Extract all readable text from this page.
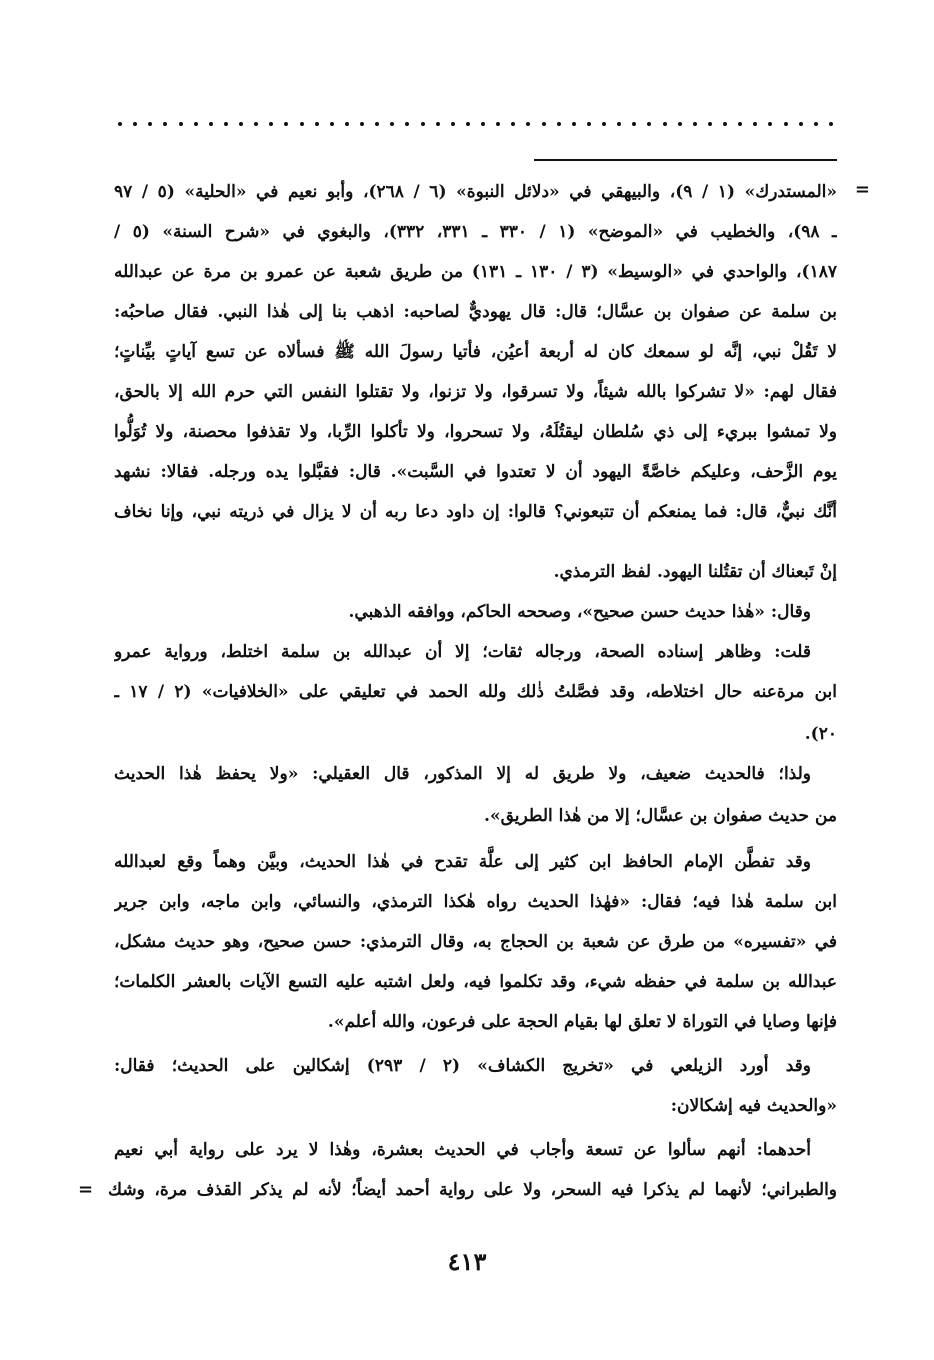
=
=
«المستدرك» (١ / ٩)، والبيهقي في «دلائل النبوة» (٦ / ٢٦٨)، وأبو نعيم في «الحلية» (٥ / ٩٧
ـ ٩٨)، والخطيب في «الموضح» (١ / ٣٣٠ ـ ٣٣١، ٣٣٢)، والبغوي في «شرح السنة» (٥ /
١٨٧)، والواحدي في «الوسيط» (٣ / ١٣٠ ـ ١٣١) من طريق شعبة عن عمرو بن مرة عن عبدالله
بن سلمة عن صفوان بن عسَّال؛ قال: قال يهوديٌّ لصاحبه: اذهب بنا إلى هٰذا النبي. فقال صاحبُه:
لا تَقُلْ نبي، إنَّه لو سمعك كان له أربعة أعيُن، فأتيا رسولَ الله ﷺ فسألاه عن تسع آياتٍ بيِّناتٍ؛
فقال لهم: «لا تشركوا بالله شيئاً، ولا تسرقوا، ولا تزنوا، ولا تقتلوا النفس التي حرم الله إلا بالحق،
ولا تمشوا ببريء إلى ذي سُلطان ليقتُلَهُ، ولا تسحروا، ولا تأكلوا الرِّبا، ولا تقذفوا محصنة، ولا تُوَلُّوا
يوم الزَّحف، وعليكم خاصَّةً اليهود أن لا تعتدوا في السَّبت». قال: فقبَّلوا يده ورجله. فقالا: نشهد
أنَّك نبيٌّ، قال: فما يمنعكم أن تتبعوني؟ قالوا: إن داود دعا ربه أن لا يزال في ذريته نبي، وإنا نخاف
إنْ تَبعناك أن تقتُلنا اليهود. لفظ الترمذي.
وقال: «هٰذا حديث حسن صحيح»، وصححه الحاكم، ووافقه الذهبي.
قلت: وظاهر إسناده الصحة، ورجاله ثقات؛ إلا أن عبدالله بن سلمة اختلط، ورواية عمرو
ابن مرةعنه حال اختلاطه، وقد فصَّلتُ ذٰلك ولله الحمد في تعليقي على «الخلافيات» (٢ / ١٧ ـ
٢٠).
ولذا؛ فالحديث ضعيف، ولا طريق له إلا المذكور، قال العقيلي: «ولا يحفظ هٰذا الحديث
من حديث صفوان بن عسَّال؛ إلا من هٰذا الطريق».
وقد تفطَّن الإمام الحافظ ابن كثير إلى علَّة تقدح في هٰذا الحديث، وبيَّن وهماً وقع لعبدالله
ابن سلمة هٰذا فيه؛ فقال: «فهٰذا الحديث رواه هٰكذا الترمذي، والنسائي، وابن ماجه، وابن جرير
في «تفسيره» من طرق عن شعبة بن الحجاج به، وقال الترمذي: حسن صحيح، وهو حديث مشكل،
عبدالله بن سلمة في حفظه شيء، وقد تكلموا فيه، ولعل اشتبه عليه التسع الآيات بالعشر الكلمات؛
فإنها وصايا في التوراة لا تعلق لها بقيام الحجة على فرعون، والله أعلم».
وقد أورد الزيلعي في «تخريج الكشاف» (٢ / ٢٩٣) إشكالين على الحديث؛ فقال:
«والحديث فيه إشكالان:
أحدهما: أنهم سألوا عن تسعة وأجاب في الحديث بعشرة، وهٰذا لا يرد على رواية أبي نعيم
والطبراني؛ لأنهما لم يذكرا فيه السحر، ولا على رواية أحمد أيضاً؛ لأنه لم يذكر القذف مرة، وشك
٤١٣
